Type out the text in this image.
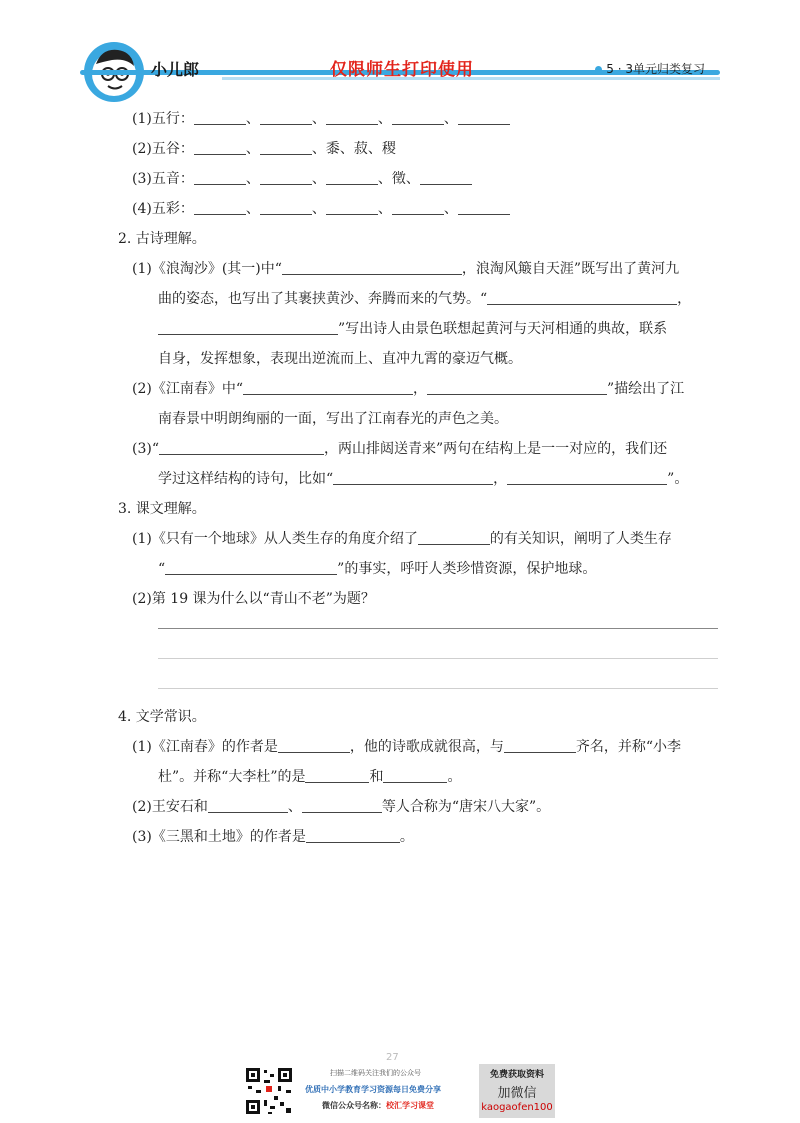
小儿郎	仅限师生打印使用	5 · 3单元归类复习
(1)五行：	、	、	、	、
(2)五谷：	、	、黍、菽、稷
(3)五音：	、	、	、徵、
(4)五彩：	、	、	、	、
2. 古诗理解。
(1)《浪淘沙》(其一)中“	，浪淘风簸自天涯”既写出了黄河九
曲的姿态，也写出了其裹挟黄沙、奔腾而来的气势。“	，
”写出诗人由景色联想起黄河与天河相通的典故，联系
自身，发挥想象，表现出逆流而上、直冲九霄的豪迈气概。
(2)《江南春》中“	，	”描绘出了江
南春景中明朗绚丽的一面，写出了江南春光的声色之美。
(3)“	，两山排闼送青来”两句在结构上是一一对应的，我们还
学过这样结构的诗句，比如“	，	”。
3. 课文理解。
(1)《只有一个地球》从人类生存的角度介绍了	的有关知识，阐明了人类生存
“	”的事实，呼吁人类珍惜资源，保护地球。
(2)第 19 课为什么以“青山不老”为题？
4. 文学常识。
(1)《江南春》的作者是	，他的诗歌成就很高，与	齐名，并称“小李
杜”。并称“大李杜”的是	和	。
(2)王安石和	、	等人合称为“唐宋八大家”。
(3)《三黑和土地》的作者是	。
27
扫描二维码关注我们的公众号
优质中小学教育学习资源每日免费分享
微信公众号名称：校汇学习课堂
免费获取资料
加微信
kaogaofen100
